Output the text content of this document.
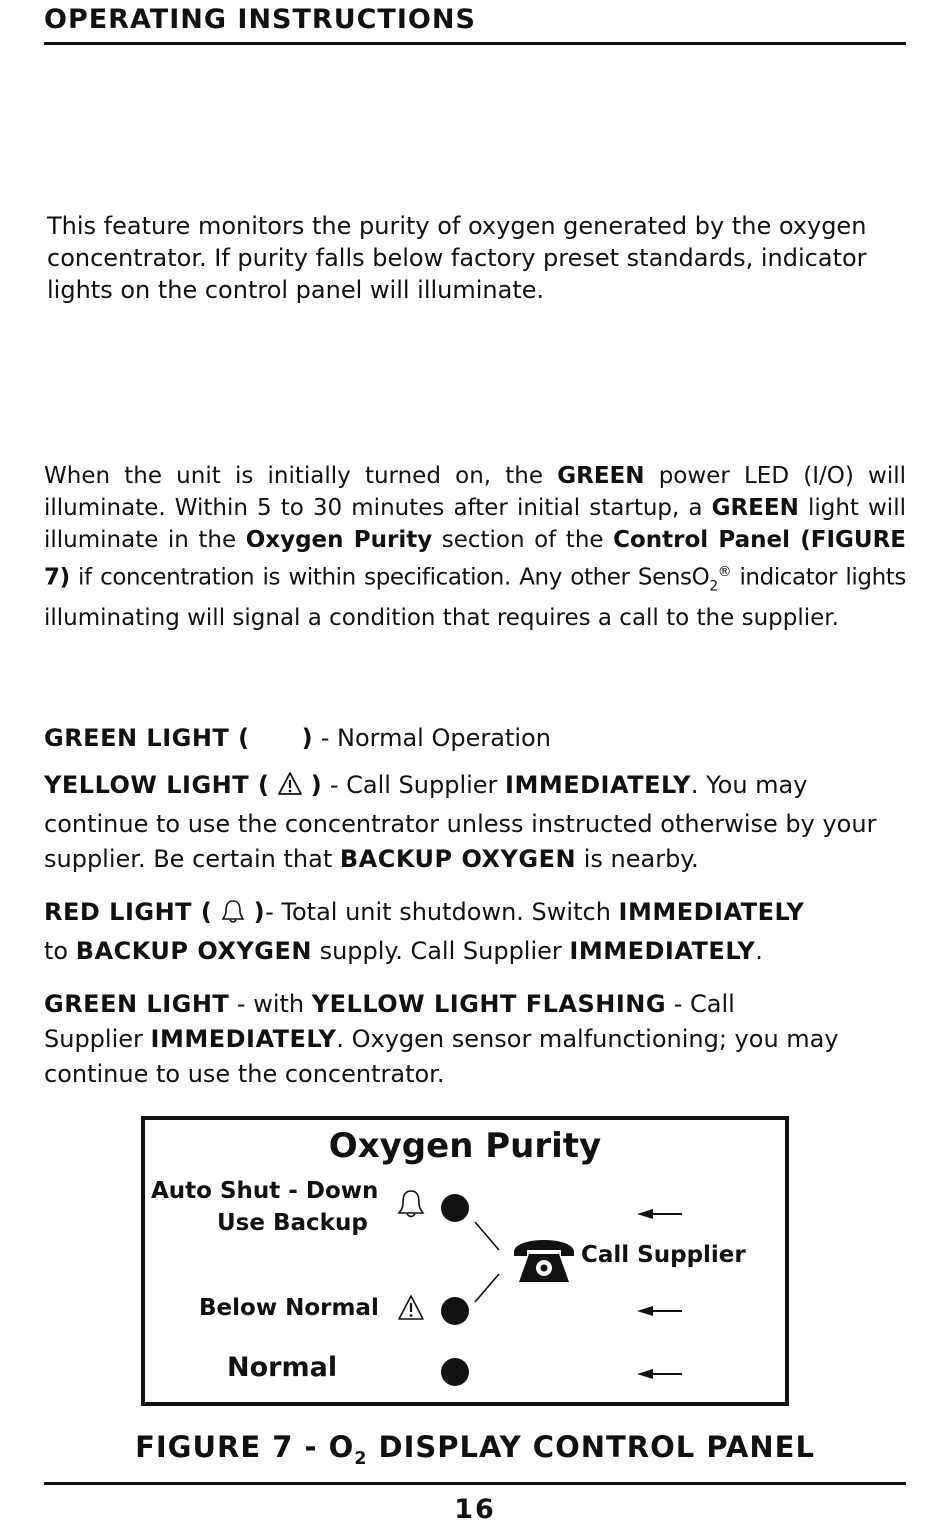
OPERATING INSTRUCTIONS
This feature monitors the purity of oxygen generated by the oxygen
concentrator. If purity falls below factory preset standards, indicator
lights on the control panel will illuminate.
When the unit is initially turned on, the GREEN power LED (I/O) will
illuminate. Within 5 to 30 minutes after initial startup, a GREEN light will
illuminate in the Oxygen Purity section of the Control Panel (FIGURE
7) if concentration is within specification. Any other SensO$_2$® indicator lights
illuminating will signal a condition that requires a call to the supplier.

GREEN LIGHT ( ) - Normal Operation

YELLOW LIGHT ( ) - Call Supplier IMMEDIATELY. You may
continue to use the concentrator unless instructed otherwise by your
supplier. Be certain that BACKUP OXYGEN is nearby.

RED LIGHT ( )- Total unit shutdown. Switch IMMEDIATELY
to BACKUP OXYGEN supply. Call Supplier IMMEDIATELY.

GREEN LIGHT - with YELLOW LIGHT FLASHING - Call
Supplier IMMEDIATELY. Oxygen sensor malfunctioning; you may
continue to use the concentrator.

Oxygen Purity
Auto Shut - Down
Use Backup
Below Normal
Normal
Call Supplier
FIGURE $7 - O_2$ DISPLAY CONTROL PANEL
16
